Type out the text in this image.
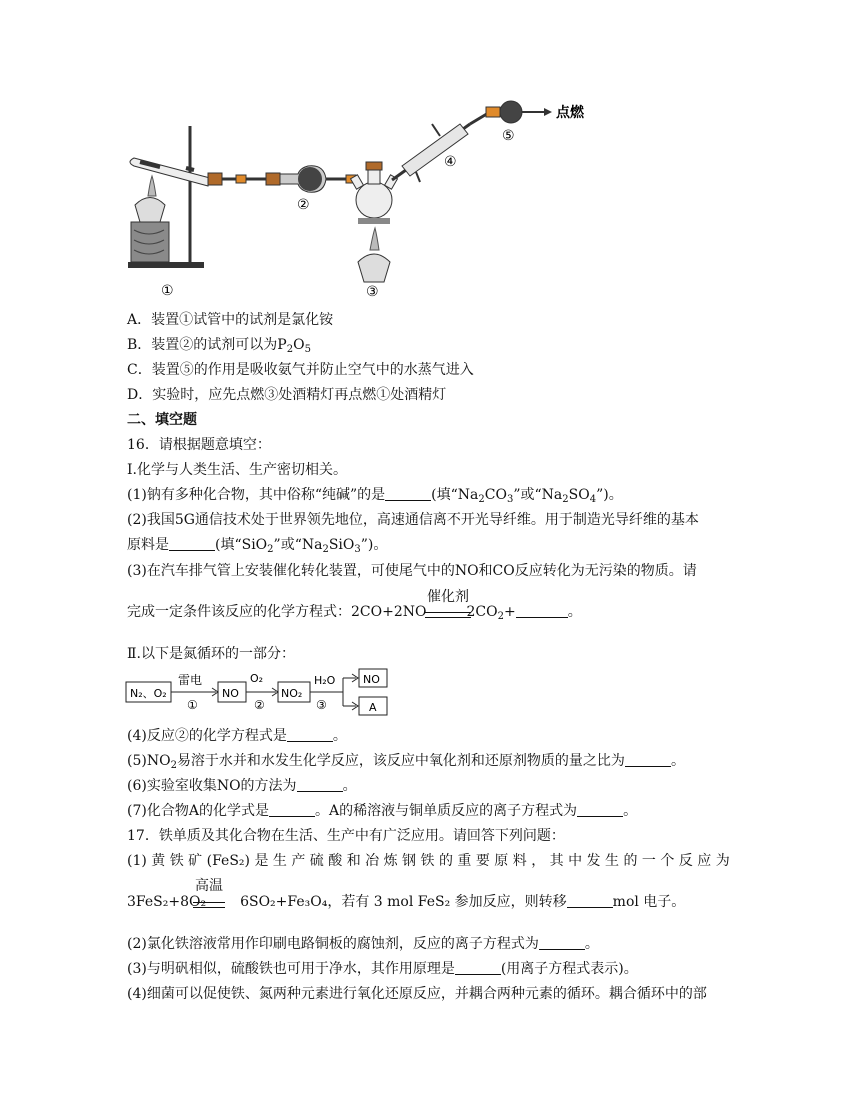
①
②
③
④
⑤
点燃
A．装置①试管中的试剂是氯化铵
B．装置②的试剂可以为$P_2O_5$
C．装置⑤的作用是吸收氨气并防止空气中的水蒸气进入
D．实验时，应先点燃③处酒精灯再点燃①处酒精灯
二、填空题
16．请根据题意填空：
Ⅰ.化学与人类生活、生产密切相关。
(1)钠有多种化合物，其中俗称“纯碱”的是	(填“$Na_2CO_3$”或“$Na_2SO_4$”)。
(2)我国5G通信技术处于世界领先地位，高速通信离不开光导纤维。用于制造光导纤维的基本
原料是	(填“SiO$_2$”或“$Na_2SiO_3$”)。
(3)在汽车排气管上安装催化转化装置，可使尾气中的NO和CO反应转化为无污染的物质。请
完成一定条件该反应的化学方程式：2CO+2NO	$2CO_2+$	。
催化剂
Ⅱ.以下是氮循环的一部分：
N₂、O₂
雷电
①
NO
O₂
②
NO₂
H₂O
③
NO
A
(4)反应②的化学方程式是	。
$(5)NO_2$易溶于水并和水发生化学反应，该反应中氧化剂和还原剂物质的量之比为	。
(6)实验室收集NO的方法为	。
(7)化合物A的化学式是	。A的稀溶液与铜单质反应的离子方程式为	。
17．铁单质及其化合物在生活、生产中有广泛应用。请回答下列问题：
(1) 黄 铁 矿 (FeS₂) 是 生 产 硫 酸 和 冶 炼 钢 铁 的 重 要 原 料 ， 其 中 发 生 的 一 个 反 应 为
3FeS₂+8O₂ 6SO₂+Fe₃O₄，若有 3 mol FeS₂ 参加反应，则转移	mol 电子。
高温
(2)氯化铁溶液常用作印刷电路铜板的腐蚀剂，反应的离子方程式为	。
(3)与明矾相似，硫酸铁也可用于净水，其作用原理是	(用离子方程式表示)。
(4)细菌可以促使铁、氮两种元素进行氧化还原反应，并耦合两种元素的循环。耦合循环中的部
